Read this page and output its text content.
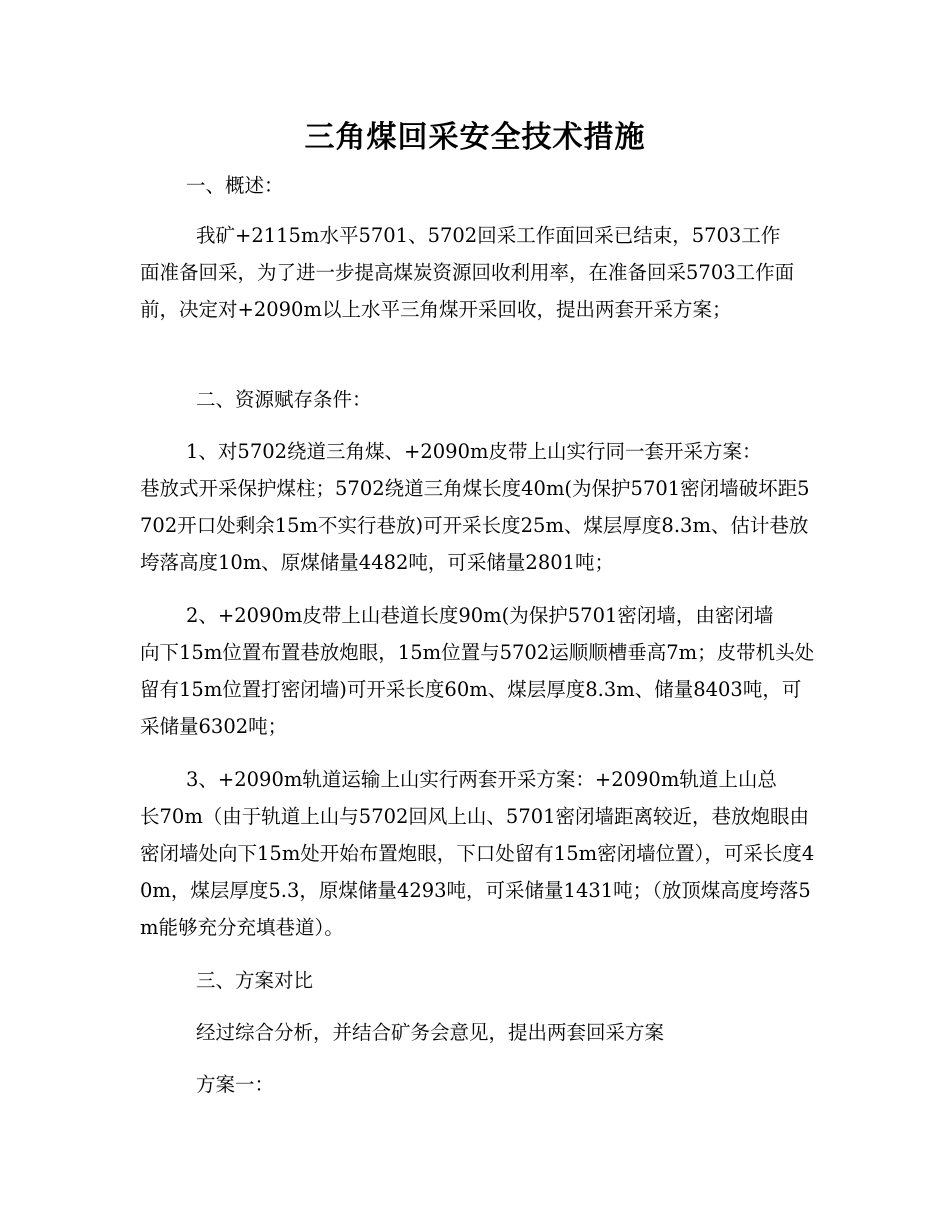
三角煤回采安全技术措施

一、概述：

我矿+2115m水平5701、5702回采工作面回采已结束，5703工作

面准备回采，为了进一步提高煤炭资源回收利用率，在准备回采5703工作面前，决定对+2090m以上水平三角煤开采回收，提出两套开采方案；

二、资源赋存条件：

1、对5702绕道三角煤、+2090m皮带上山实行同一套开采方案：

巷放式开采保护煤柱；5702绕道三角煤长度40m(为保护5701密闭墙破坏距5702开口处剩余15m不实行巷放)可开采长度25m、煤层厚度8.3m、估计巷放垮落高度10m、原煤储量4482吨，可采储量2801吨；

2、+2090m皮带上山巷道长度90m(为保护5701密闭墙，由密闭墙

向下15m位置布置巷放炮眼，15m位置与5702运顺顺槽垂高7m；皮带机头处留有15m位置打密闭墙)可开采长度60m、煤层厚度8.3m、储量8403吨，可采储量6302吨；

3、+2090m轨道运输上山实行两套开采方案：+2090m轨道上山总

长70m（由于轨道上山与5702回风上山、5701密闭墙距离较近，巷放炮眼由密闭墙处向下15m处开始布置炮眼，下口处留有15m密闭墙位置），可采长度40m，煤层厚度5.3，原煤储量4293吨，可采储量1431吨；（放顶煤高度垮落5m能够充分充填巷道）。

三、方案对比

经过综合分析，并结合矿务会意见，提出两套回采方案

方案一：
